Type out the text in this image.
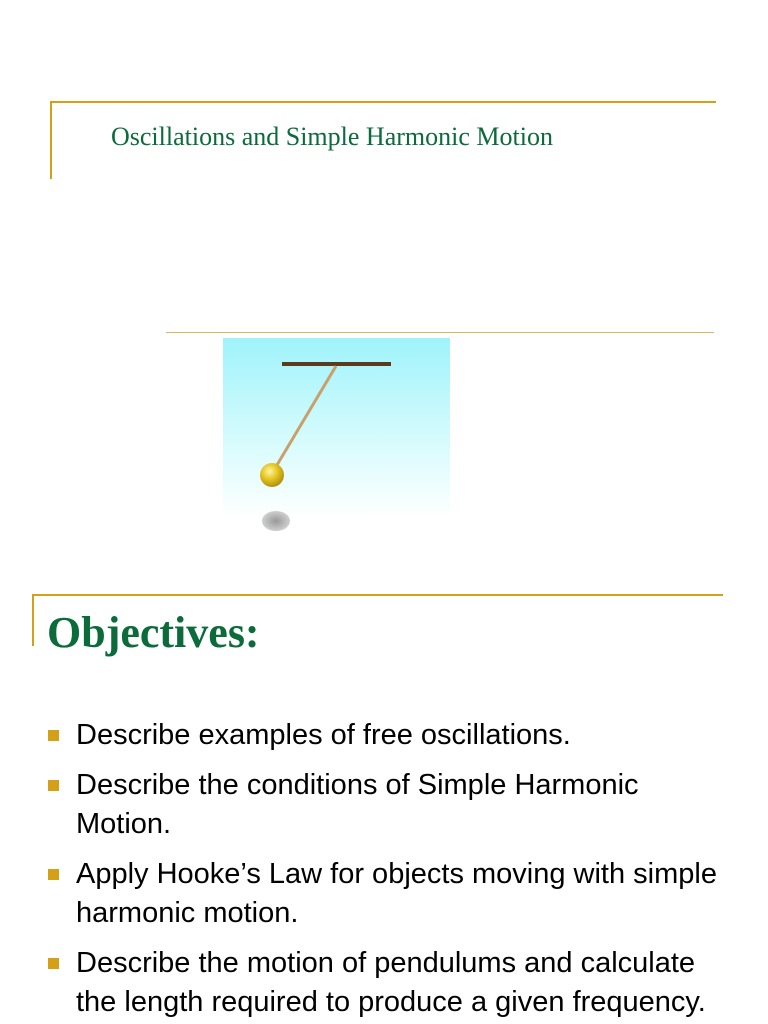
Oscillations and Simple Harmonic Motion
Objectives:
Describe examples of free oscillations.
Describe the conditions of Simple Harmonic Motion.
Apply Hooke’s Law for objects moving with simple harmonic motion.
Describe the motion of pendulums and calculate the length required to produce a given frequency.
